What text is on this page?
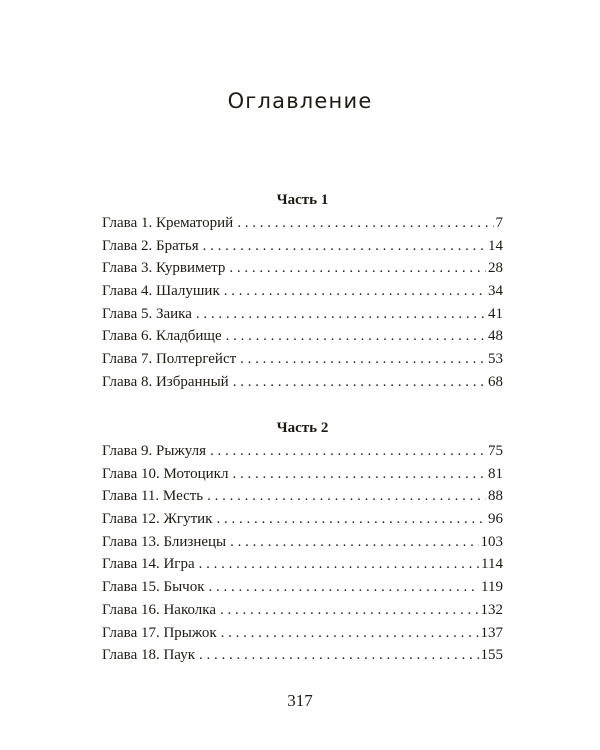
Оглавление
Часть 1
Глава 1. Крематорий . . .	7
Глава 2. Братья . . .	14
Глава 3. Курвиметр . . .	28
Глава 4. Шалушик . . .	34
Глава 5. Заика . . .	41
Глава 6. Кладбище . . .	48
Глава 7. Полтергейст . . .	53
Глава 8. Избранный . . .	68
Часть 2
Глава 9. Рыжуля . . .	75
Глава 10. Мотоцикл . . .	81
Глава 11. Месть . . .	88
Глава 12. Жгутик . . .	96
Глава 13. Близнецы . . .	103
Глава 14. Игра . . .	114
Глава 15. Бычок . . .	119
Глава 16. Наколка . . .	132
Глава 17. Прыжок . . .	137
Глава 18. Паук . . .	155
317
